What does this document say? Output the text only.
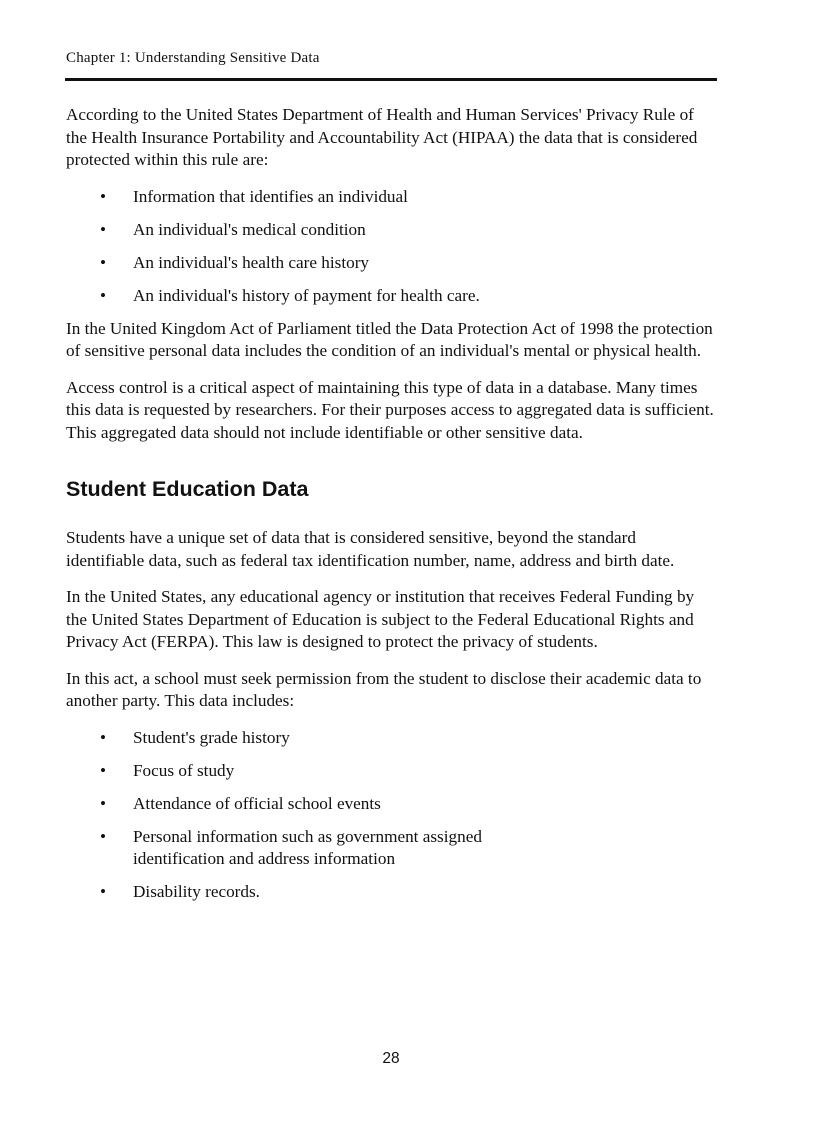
Chapter 1: Understanding Sensitive Data

According to the United States Department of Health and Human Services' Privacy Rule of the Health Insurance Portability and Accountability Act (HIPAA) the data that is considered protected within this rule are:

• Information that identifies an individual
• An individual's medical condition
• An individual's health care history
• An individual's history of payment for health care.

In the United Kingdom Act of Parliament titled the Data Protection Act of 1998 the protection of sensitive personal data includes the condition of an individual's mental or physical health.

Access control is a critical aspect of maintaining this type of data in a database. Many times this data is requested by researchers. For their purposes access to aggregated data is sufficient. This aggregated data should not include identifiable or other sensitive data.

Student Education Data

Students have a unique set of data that is considered sensitive, beyond the standard identifiable data, such as federal tax identification number, name, address and birth date.

In the United States, any educational agency or institution that receives Federal Funding by the United States Department of Education is subject to the Federal Educational Rights and Privacy Act (FERPA). This law is designed to protect the privacy of students.

In this act, a school must seek permission from the student to disclose their academic data to another party. This data includes:

• Student's grade history
• Focus of study
• Attendance of official school events
• Personal information such as government assigned identification and address information
• Disability records.
28
